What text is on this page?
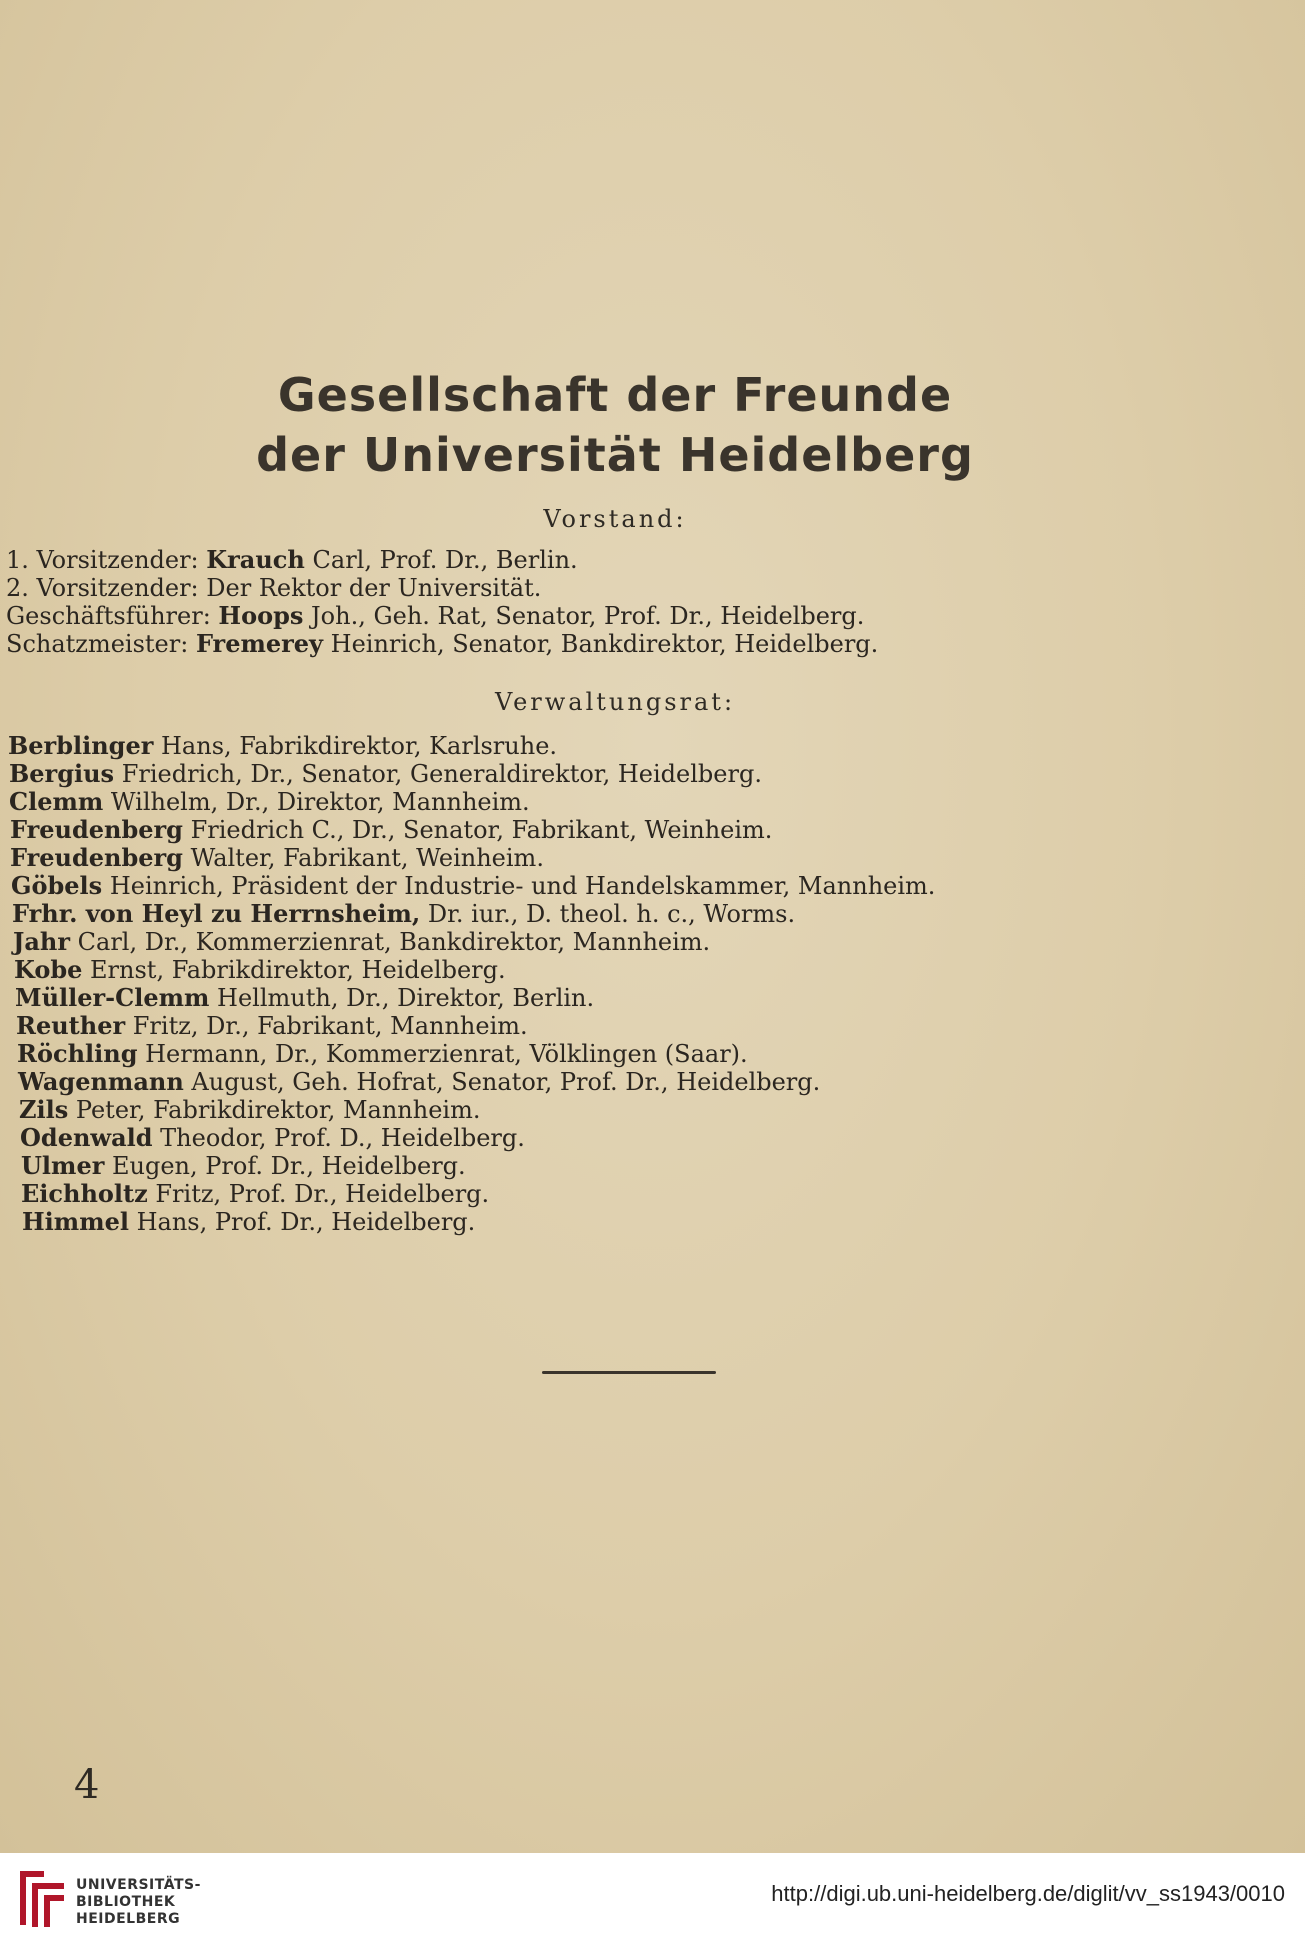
Gesellschaft der Freunde
der Universität Heidelberg
Vorstand:
1. Vorsitzender: Krauch Carl, Prof. Dr., Berlin.
2. Vorsitzender: Der Rektor der Universität.
Geschäftsführer: Hoops Joh., Geh. Rat, Senator, Prof. Dr., Heidelberg.
Schatzmeister: Fremerey Heinrich, Senator, Bankdirektor, Heidelberg.
Verwaltungsrat:
Berblinger Hans, Fabrikdirektor, Karlsruhe.
Bergius Friedrich, Dr., Senator, Generaldirektor, Heidelberg.
Clemm Wilhelm, Dr., Direktor, Mannheim.
Freudenberg Friedrich C., Dr., Senator, Fabrikant, Weinheim.
Freudenberg Walter, Fabrikant, Weinheim.
Göbels Heinrich, Präsident der Industrie- und Handelskammer, Mannheim.
Frhr. von Heyl zu Herrnsheim, Dr. iur., D. theol. h. c., Worms.
Jahr Carl, Dr., Kommerzienrat, Bankdirektor, Mannheim.
Kobe Ernst, Fabrikdirektor, Heidelberg.
Müller-Clemm Hellmuth, Dr., Direktor, Berlin.
Reuther Fritz, Dr., Fabrikant, Mannheim.
Röchling Hermann, Dr., Kommerzienrat, Völklingen (Saar).
Wagenmann August, Geh. Hofrat, Senator, Prof. Dr., Heidelberg.
Zils Peter, Fabrikdirektor, Mannheim.
Odenwald Theodor, Prof. D., Heidelberg.
Ulmer Eugen, Prof. Dr., Heidelberg.
Eichholtz Fritz, Prof. Dr., Heidelberg.
Himmel Hans, Prof. Dr., Heidelberg.
4
UNIVERSITÄTS-
BIBLIOTHEK
HEIDELBERG
http://digi.ub.uni-heidelberg.de/diglit/vv_ss1943/0010
